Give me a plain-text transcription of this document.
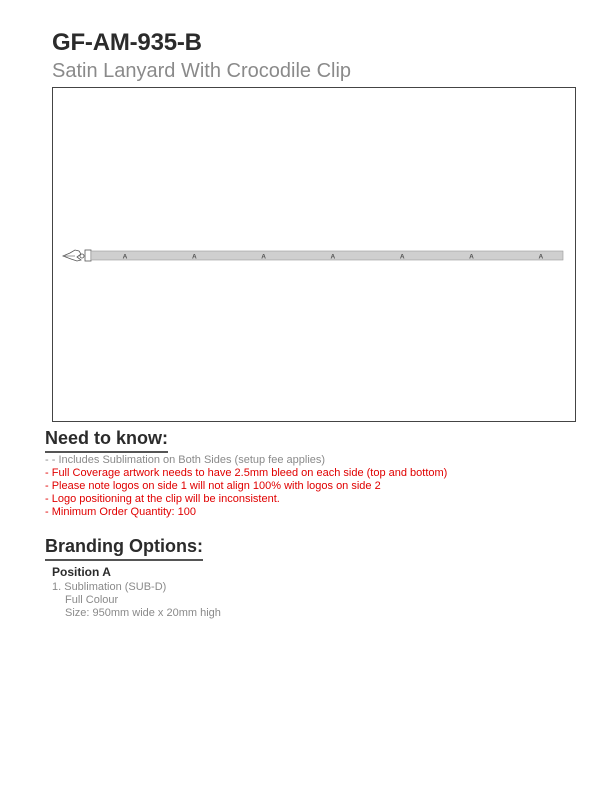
GF-AM-935-B
Satin Lanyard With Crocodile Clip
A	A	A	A	A	A	A
Need to know:
- - Includes Sublimation on Both Sides (setup fee applies)
- Full Coverage artwork needs to have 2.5mm bleed on each side (top and bottom)
- Please note logos on side 1 will not align 100% with logos on side 2
- Logo positioning at the clip will be inconsistent.
- Minimum Order Quantity: 100
Branding Options:
Position A
1. Sublimation (SUB-D)
Full Colour
Size: 950mm wide x 20mm high
